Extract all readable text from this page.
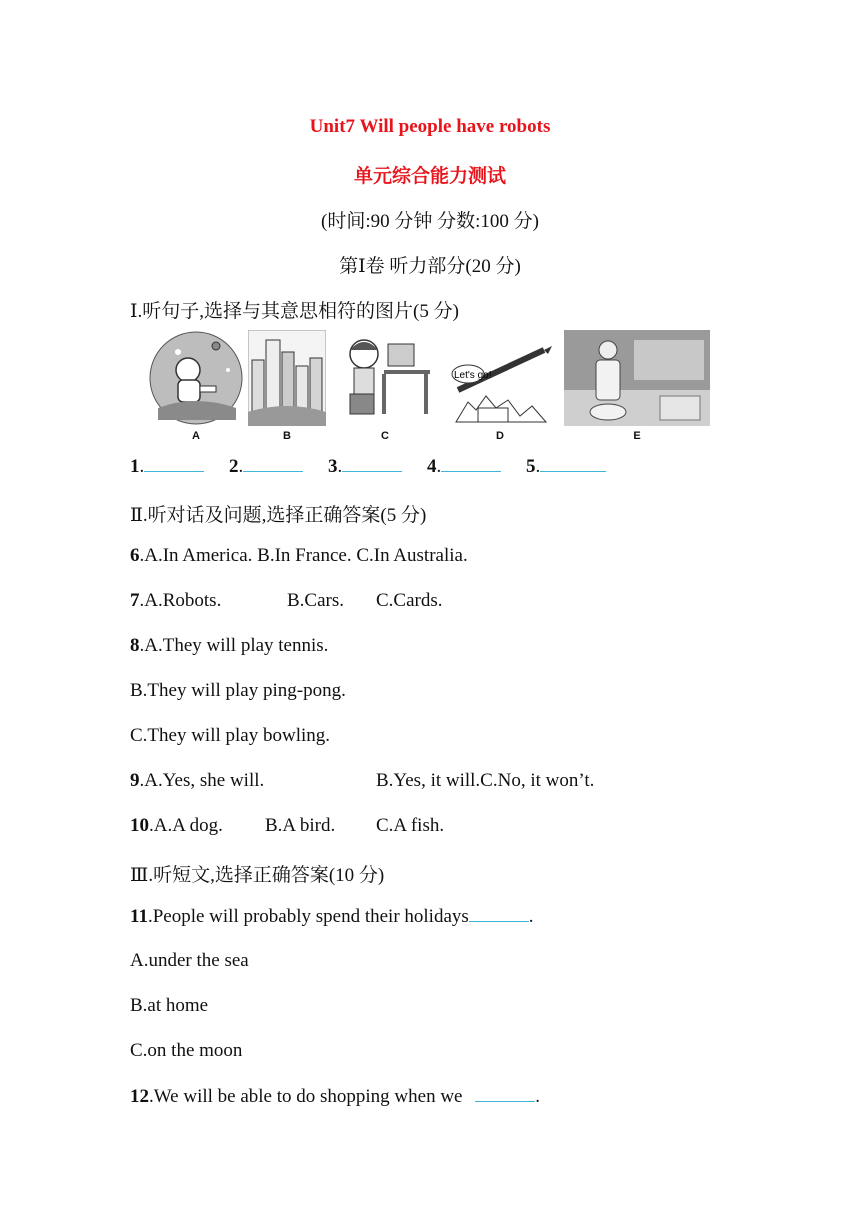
Unit7 Will people have robots
单元综合能力测试
(时间:90 分钟 分数:100 分)
第Ⅰ卷 听力部分(20 分)
Ⅰ.听句子,选择与其意思相符的图片(5 分)
A	B	C
Let's go!
D	E
1.	2.	3.	4.	5.
Ⅱ.听对话及问题,选择正确答案(5 分)
6.A.In America. B.In France. C.In Australia.
7.A.Robots.	B.Cars. C.Cards.
8.A.They will play tennis.
B.They will play ping-pong.
C.They will play bowling.
9.A.Yes, she will.	B.Yes, it will.C.No, it won’t.
10.A.A dog. B.A bird. C.A fish.
Ⅲ.听短文,选择正确答案(10 分)
11.People will probably spend their holidays	.
A.under the sea
B.at home
C.on the moon
12.We will be able to do shopping when we	.
